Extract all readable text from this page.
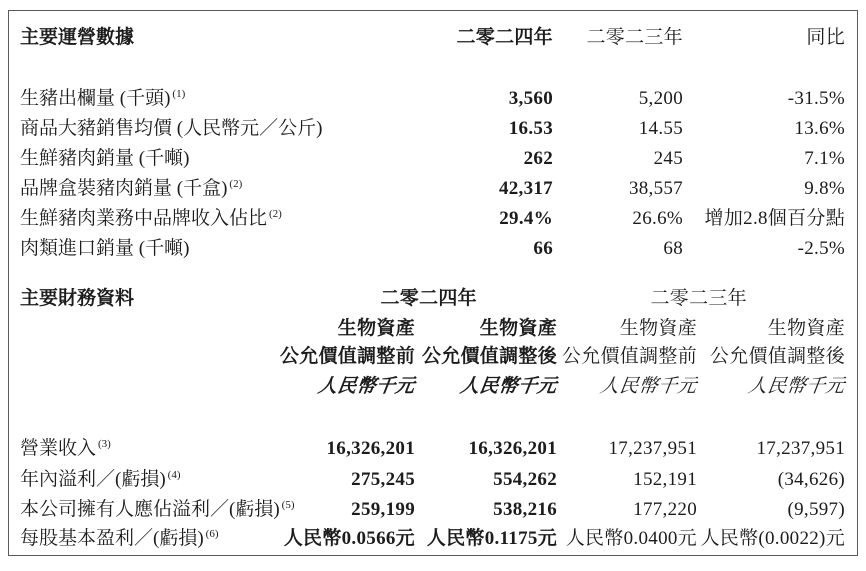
主要運營數據	二零二四年 二零二三年	同比
生豬出欄量 (千頭) $^{(1)}$	3,560	5,200	-31.5%
商品大豬銷售均價 (人民幣元／公斤)	16.53	14.55	13.6%
生鮮豬肉銷量 (千噸)	262	245	7.1%
品牌盒裝豬肉銷量 (千盒) $^{(2)}$	42,317	38,557	9.8%
生鮮豬肉業務中品牌收入佔比 $^{(2)}$	29.4%	26.6% 增加2.8個百分點
肉類進口銷量 (千噸)	66	68	-2.5%
主要財務資料	二零二四年	二零二三年
生物資產	生物資產	生物資產	生物資產
公允價值調整前 公允價值調整後 公允價值調整前 公允價值調整後
人民幣千元 人民幣千元 人民幣千元	人民幣千元
營業收入 $^{(3)}$	16,326,201	16,326,201	17,237,951	17,237,951
年內溢利／(虧損) $^{(4)}$	275,245	554,262	152,191	(34,626)
本公司擁有人應佔溢利／(虧損) $^{(5)}$	259,199	538,216	177,220	(9,597)
每股基本盈利／(虧損) $^{(6)}$	人民幣0.0566元 人民幣0.1175元 人民幣0.0400元 人民幣(0.0022)元
